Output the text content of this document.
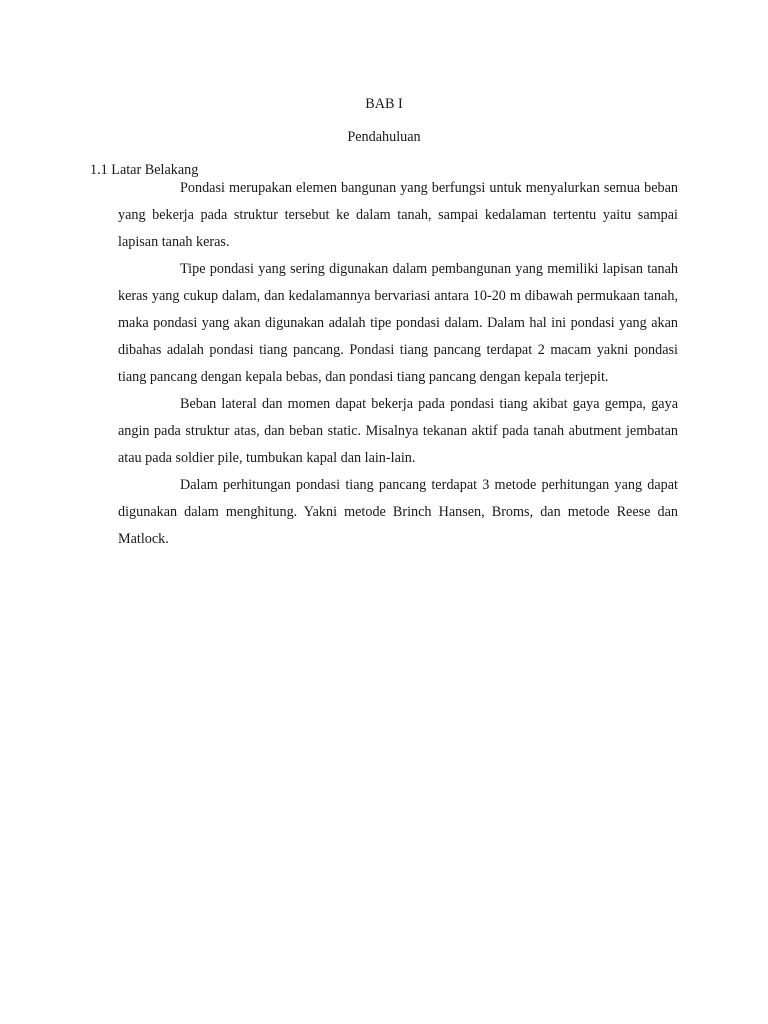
BAB I
Pendahuluan
1.1 Latar Belakang

Pondasi merupakan elemen bangunan yang berfungsi untuk menyalurkan semua beban yang bekerja pada struktur tersebut ke dalam tanah, sampai kedalaman tertentu yaitu sampai lapisan tanah keras.

Tipe pondasi yang sering digunakan dalam pembangunan yang memiliki lapisan tanah keras yang cukup dalam, dan kedalamannya bervariasi antara 10-20 m dibawah permukaan tanah, maka pondasi yang akan digunakan adalah tipe pondasi dalam. Dalam hal ini pondasi yang akan dibahas adalah pondasi tiang pancang. Pondasi tiang pancang terdapat 2 macam yakni pondasi tiang pancang dengan kepala bebas, dan pondasi tiang pancang dengan kepala terjepit.

Beban lateral dan momen dapat bekerja pada pondasi tiang akibat gaya gempa, gaya angin pada struktur atas, dan beban static. Misalnya tekanan aktif pada tanah abutment jembatan atau pada soldier pile, tumbukan kapal dan lain-lain.

Dalam perhitungan pondasi tiang pancang terdapat 3 metode perhitungan yang dapat digunakan dalam menghitung. Yakni metode Brinch Hansen, Broms, dan metode Reese dan Matlock.
